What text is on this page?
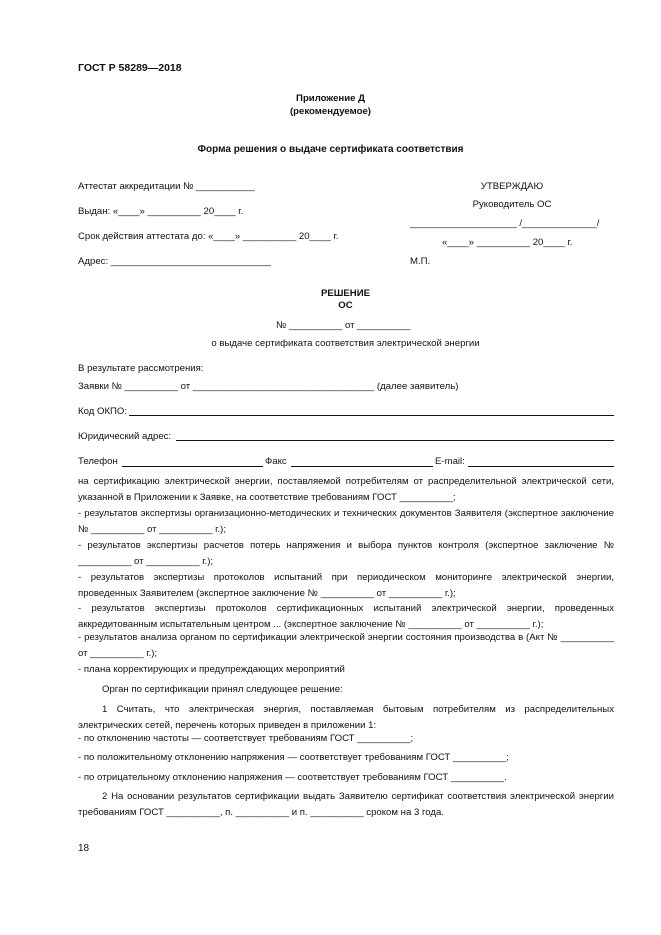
ГОСТ Р 58289—2018
Приложение Д
(рекомендуемое)
Форма решения о выдаче сертификата соответствия
Аттестат аккредитации № ___________
Выдан: «____» __________ 20____ г.
Срок действия аттестата до: «____» __________ 20____ г.
Адрес: ______________________________
УТВЕРЖДАЮ
Руководитель ОС
____________________ /______________/
«____» __________ 20____ г.
М.П.
РЕШЕНИЕ
ОС
№ __________ от __________
о выдаче сертификата соответствия электрической энергии
В результате рассмотрения:
Заявки № __________ от __________________________________ (далее заявитель)
Код ОКПО:
Юридический адрес:
Телефон	Факс	E-mail:
на сертификацию электрической энергии, поставляемой потребителям от распределительной электрической сети, указанной в Приложении к Заявке, на соответствие требованиям ГОСТ __________;
- результатов экспертизы организационно-методических и технических документов Заявителя (экспертное заключение № __________ от __________ г.);
- результатов экспертизы расчетов потерь напряжения и выбора пунктов контроля (экспертное заключение № __________ от __________ г.);
- результатов экспертизы протоколов испытаний при периодическом мониторинге электрической энергии, проведенных Заявителем (экспертное заключение № __________ от __________ г.);
- результатов экспертизы протоколов сертификационных испытаний электрической энергии, проведенных аккредитованным испытательным центром ... (экспертное заключение № __________ от __________ г.);
- результатов анализа органом по сертификации электрической энергии состояния производства в (Акт № __________ от __________ г.);
- плана корректирующих и предупреждающих мероприятий
Орган по сертификации принял следующее решение:
1 Считать, что электрическая энергия, поставляемая бытовым потребителям из распределительных электрических сетей, перечень которых приведен в приложении 1:
- по отклонению частоты — соответствует требованиям ГОСТ __________;
- по положительному отклонению напряжения — соответствует требованиям ГОСТ __________;
- по отрицательному отклонению напряжения — соответствует требованиям ГОСТ __________.
2 На основании результатов сертификации выдать Заявителю сертификат соответствия электрической энергии требованиям ГОСТ __________, п. __________ и п. __________ сроком на 3 года.
18
